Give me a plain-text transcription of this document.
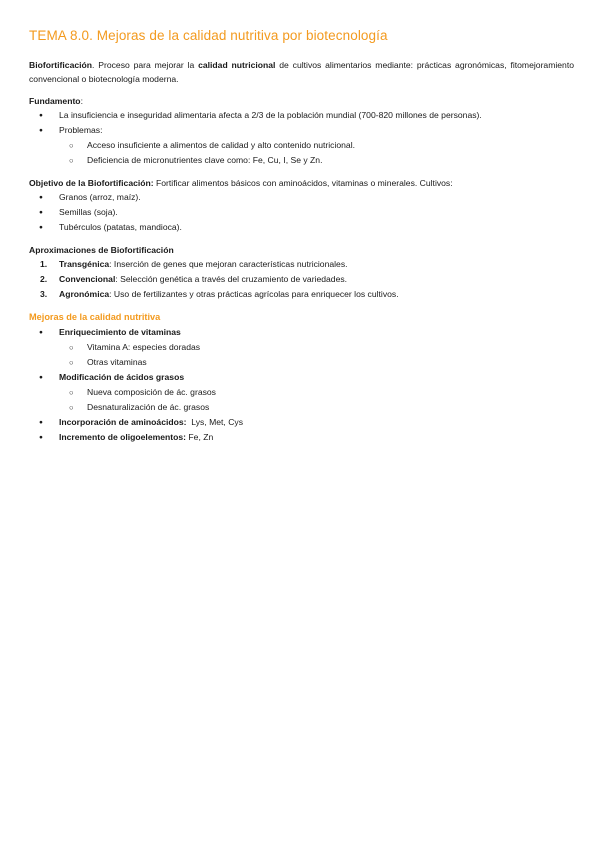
TEMA 8.0. Mejoras de la calidad nutritiva por biotecnología

Biofortificación. Proceso para mejorar la calidad nutricional de cultivos alimentarios mediante: prácticas agronómicas, fitomejoramiento convencional o biotecnología moderna.

Fundamento:

● La insuficiencia e inseguridad alimentaria afecta a 2/3 de la población mundial (700-820 millones de personas).
● Problemas:
○ Acceso insuficiente a alimentos de calidad y alto contenido nutricional.
○ Deficiencia de micronutrientes clave como: Fe, Cu, I, Se y Zn.

Objetivo de la Biofortificación: Fortificar alimentos básicos con aminoácidos, vitaminas o minerales. Cultivos:

● Granos (arroz, maíz).
● Semillas (soja).
● Tubérculos (patatas, mandioca).

Aproximaciones de Biofortificación

1. Transgénica: Inserción de genes que mejoran características nutricionales.
2. Convencional: Selección genética a través del cruzamiento de variedades.
3. Agronómica: Uso de fertilizantes y otras prácticas agrícolas para enriquecer los cultivos.

Mejoras de la calidad nutritiva

● Enriquecimiento de vitaminas
○ Vitamina A: especies doradas
○ Otras vitaminas
● Modificación de ácidos grasos
○ Nueva composición de ác. grasos
○ Desnaturalización de ác. grasos
● Incorporación de aminoácidos:  Lys, Met, Cys
● Incremento de oligoelementos: Fe, Zn
